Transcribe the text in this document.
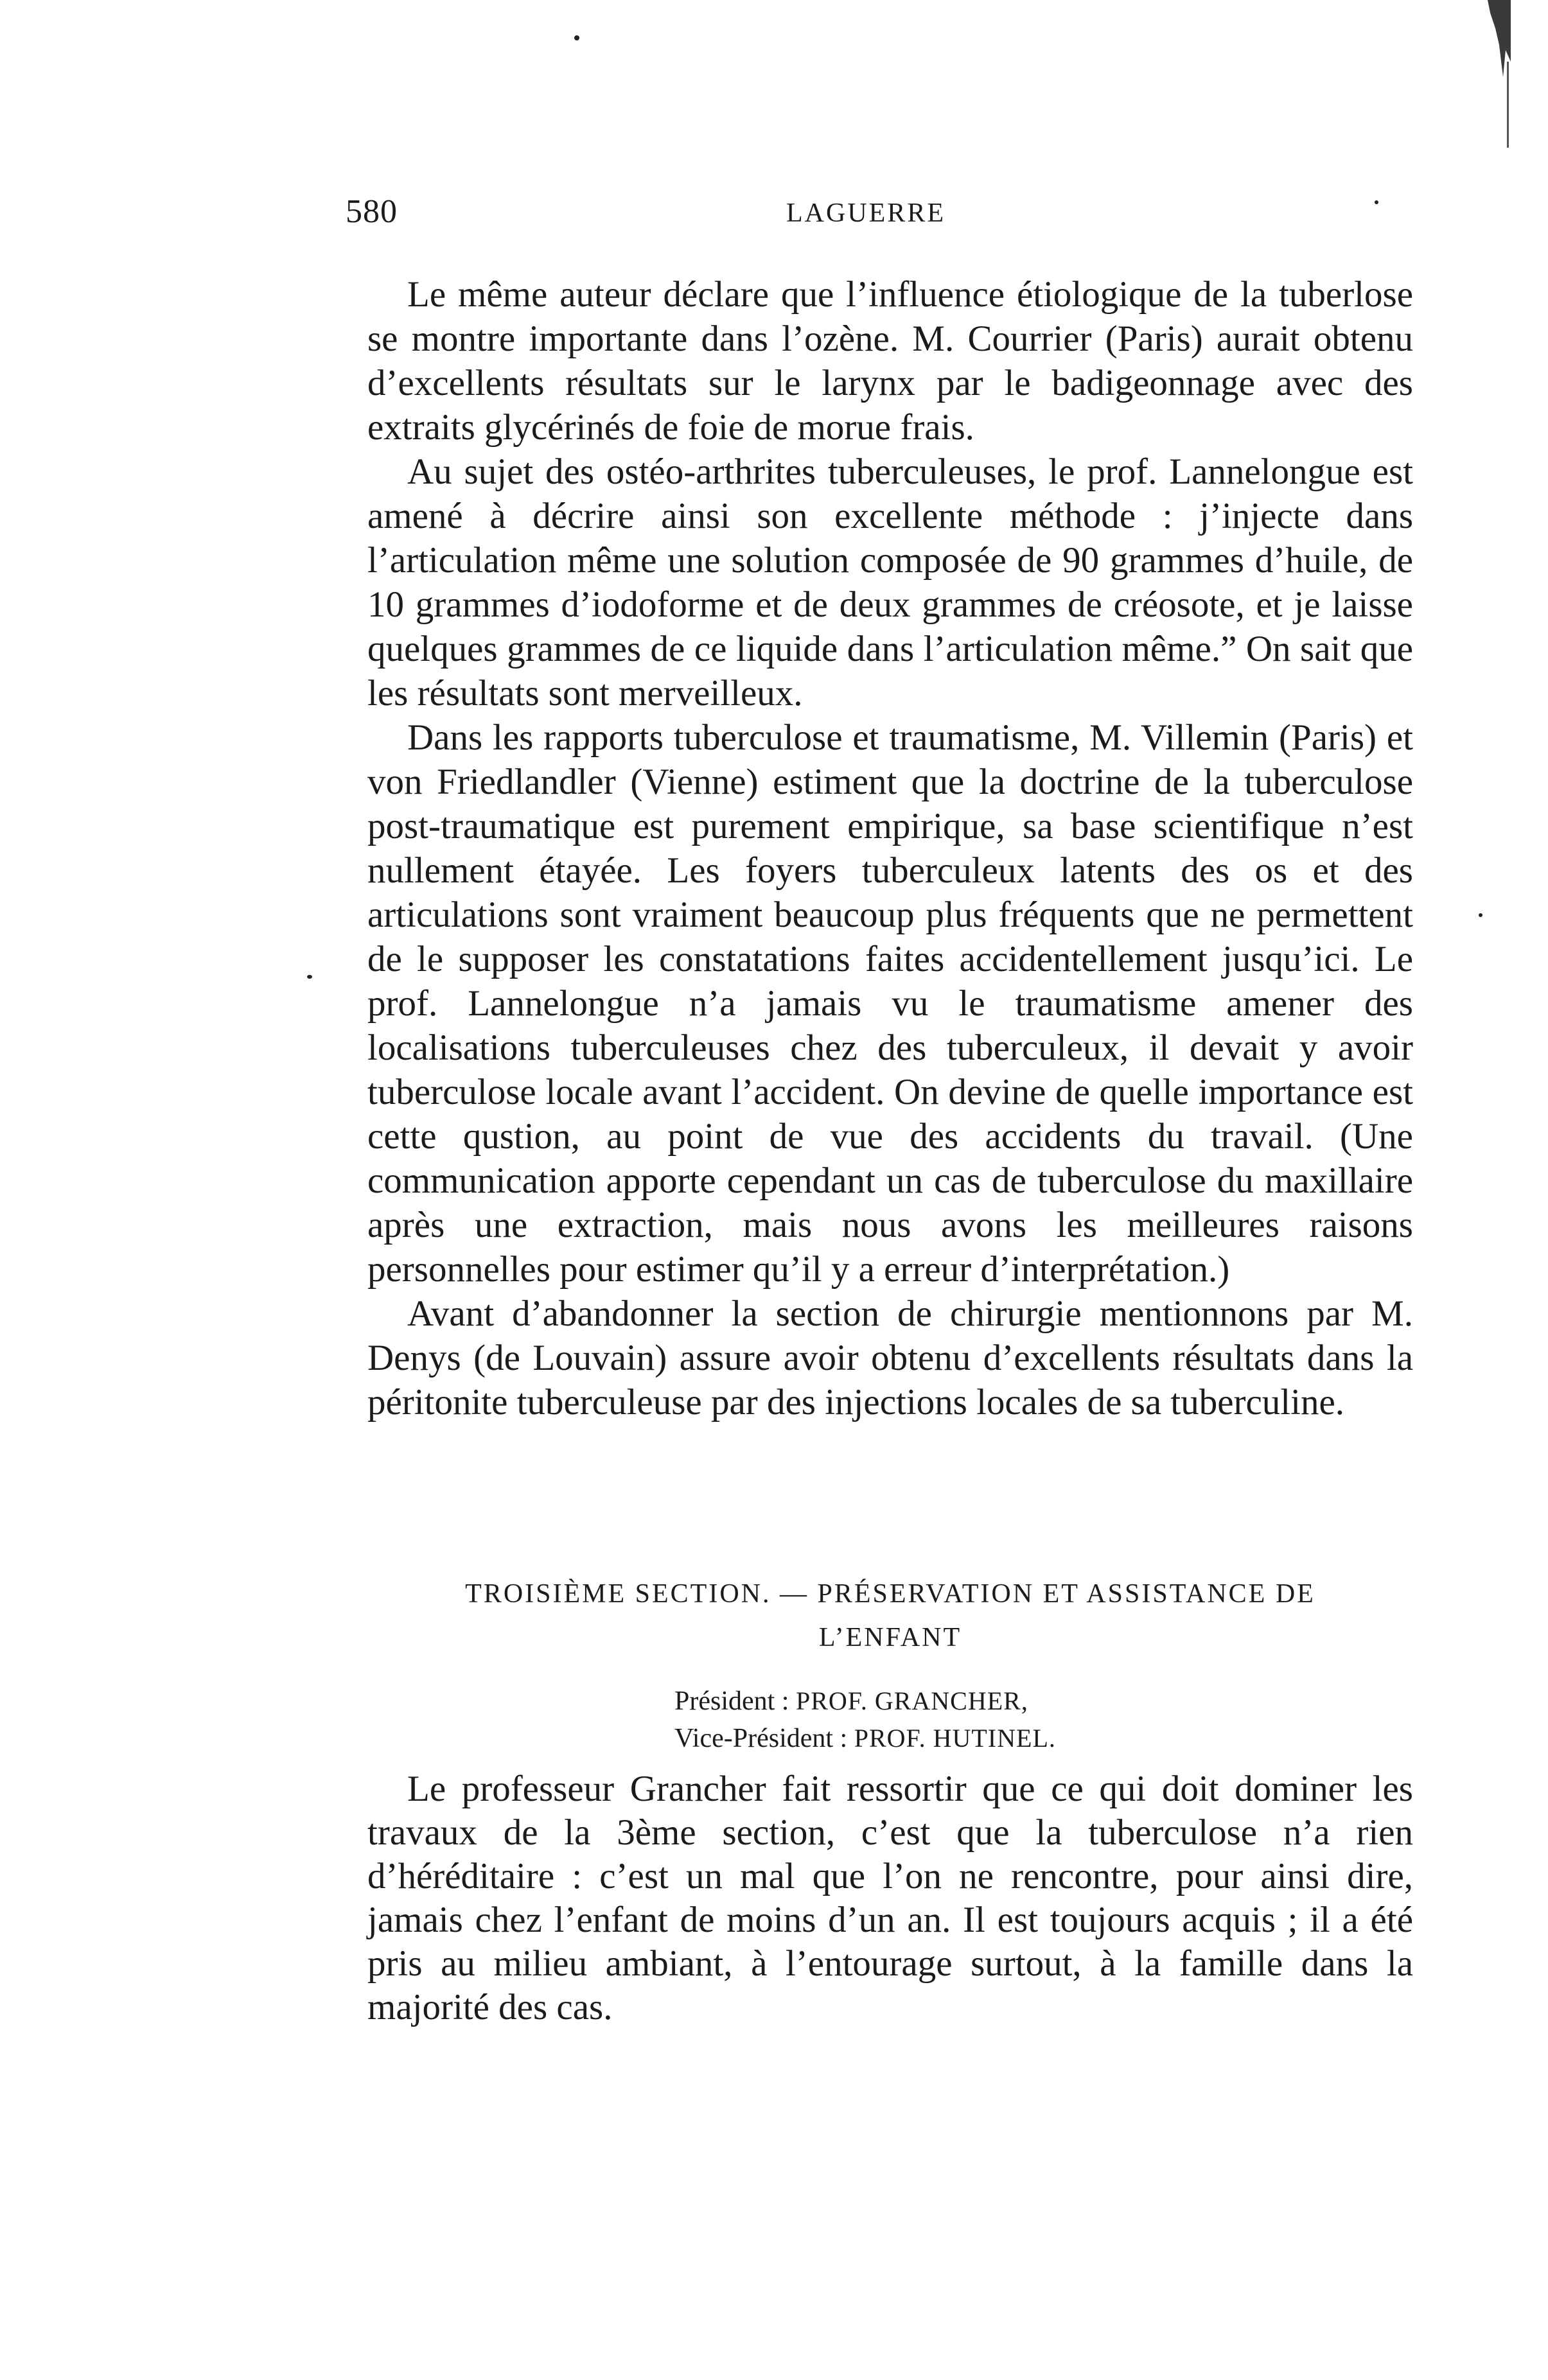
580	LAGUERRE

Le même auteur déclare que l’influence étiologique de la tuberlose se montre importante dans l’ozène. M. Courrier (Paris) aurait obtenu d’excellents résultats sur le larynx par le badigeonnage avec des extraits glycérinés de foie de morue frais.

Au sujet des ostéo-arthrites tuberculeuses, le prof. Lannelongue est amené à décrire ainsi son excellente méthode : j’injecte dans l’articulation même une solution composée de 90 grammes d’huile, de 10 grammes d’iodoforme et de deux grammes de créosote, et je laisse quelques grammes de ce liquide dans l’articulation même.” On sait que les résultats sont merveilleux.

Dans les rapports tuberculose et traumatisme, M. Villemin (Paris) et von Friedlandler (Vienne) estiment que la doctrine de la tuberculose post-traumatique est purement empirique, sa base scientifique n’est nullement étayée. Les foyers tuberculeux latents des os et des articulations sont vraiment beaucoup plus fréquents que ne permettent de le supposer les constatations faites accidentellement jusqu’ici. Le prof. Lannelongue n’a jamais vu le traumatisme amener des localisations tuberculeuses chez des tuberculeux, il devait y avoir tuberculose locale avant l’accident. On devine de quelle importance est cette qustion, au point de vue des accidents du travail. (Une communication apporte cependant un cas de tuberculose du maxillaire après une extraction, mais nous avons les meilleures raisons personnelles pour estimer qu’il y a erreur d’interprétation.)

Avant d’abandonner la section de chirurgie mentionnons par M. Denys (de Louvain) assure avoir obtenu d’excellents résultats dans la péritonite tuberculeuse par des injections locales de sa tuberculine.

TROISIÈME SECTION. — PRÉSERVATION ET ASSISTANCE DE
L’ENFANT
Président : PROF. GRANCHER,
Vice-Président : PROF. HUTINEL.

Le professeur Grancher fait ressortir que ce qui doit dominer les travaux de la 3ème section, c’est que la tuberculose n’a rien d’héréditaire : c’est un mal que l’on ne rencontre, pour ainsi dire, jamais chez l’enfant de moins d’un an. Il est toujours acquis ; il a été pris au milieu ambiant, à l’entourage surtout, à la famille dans la majorité des cas.
